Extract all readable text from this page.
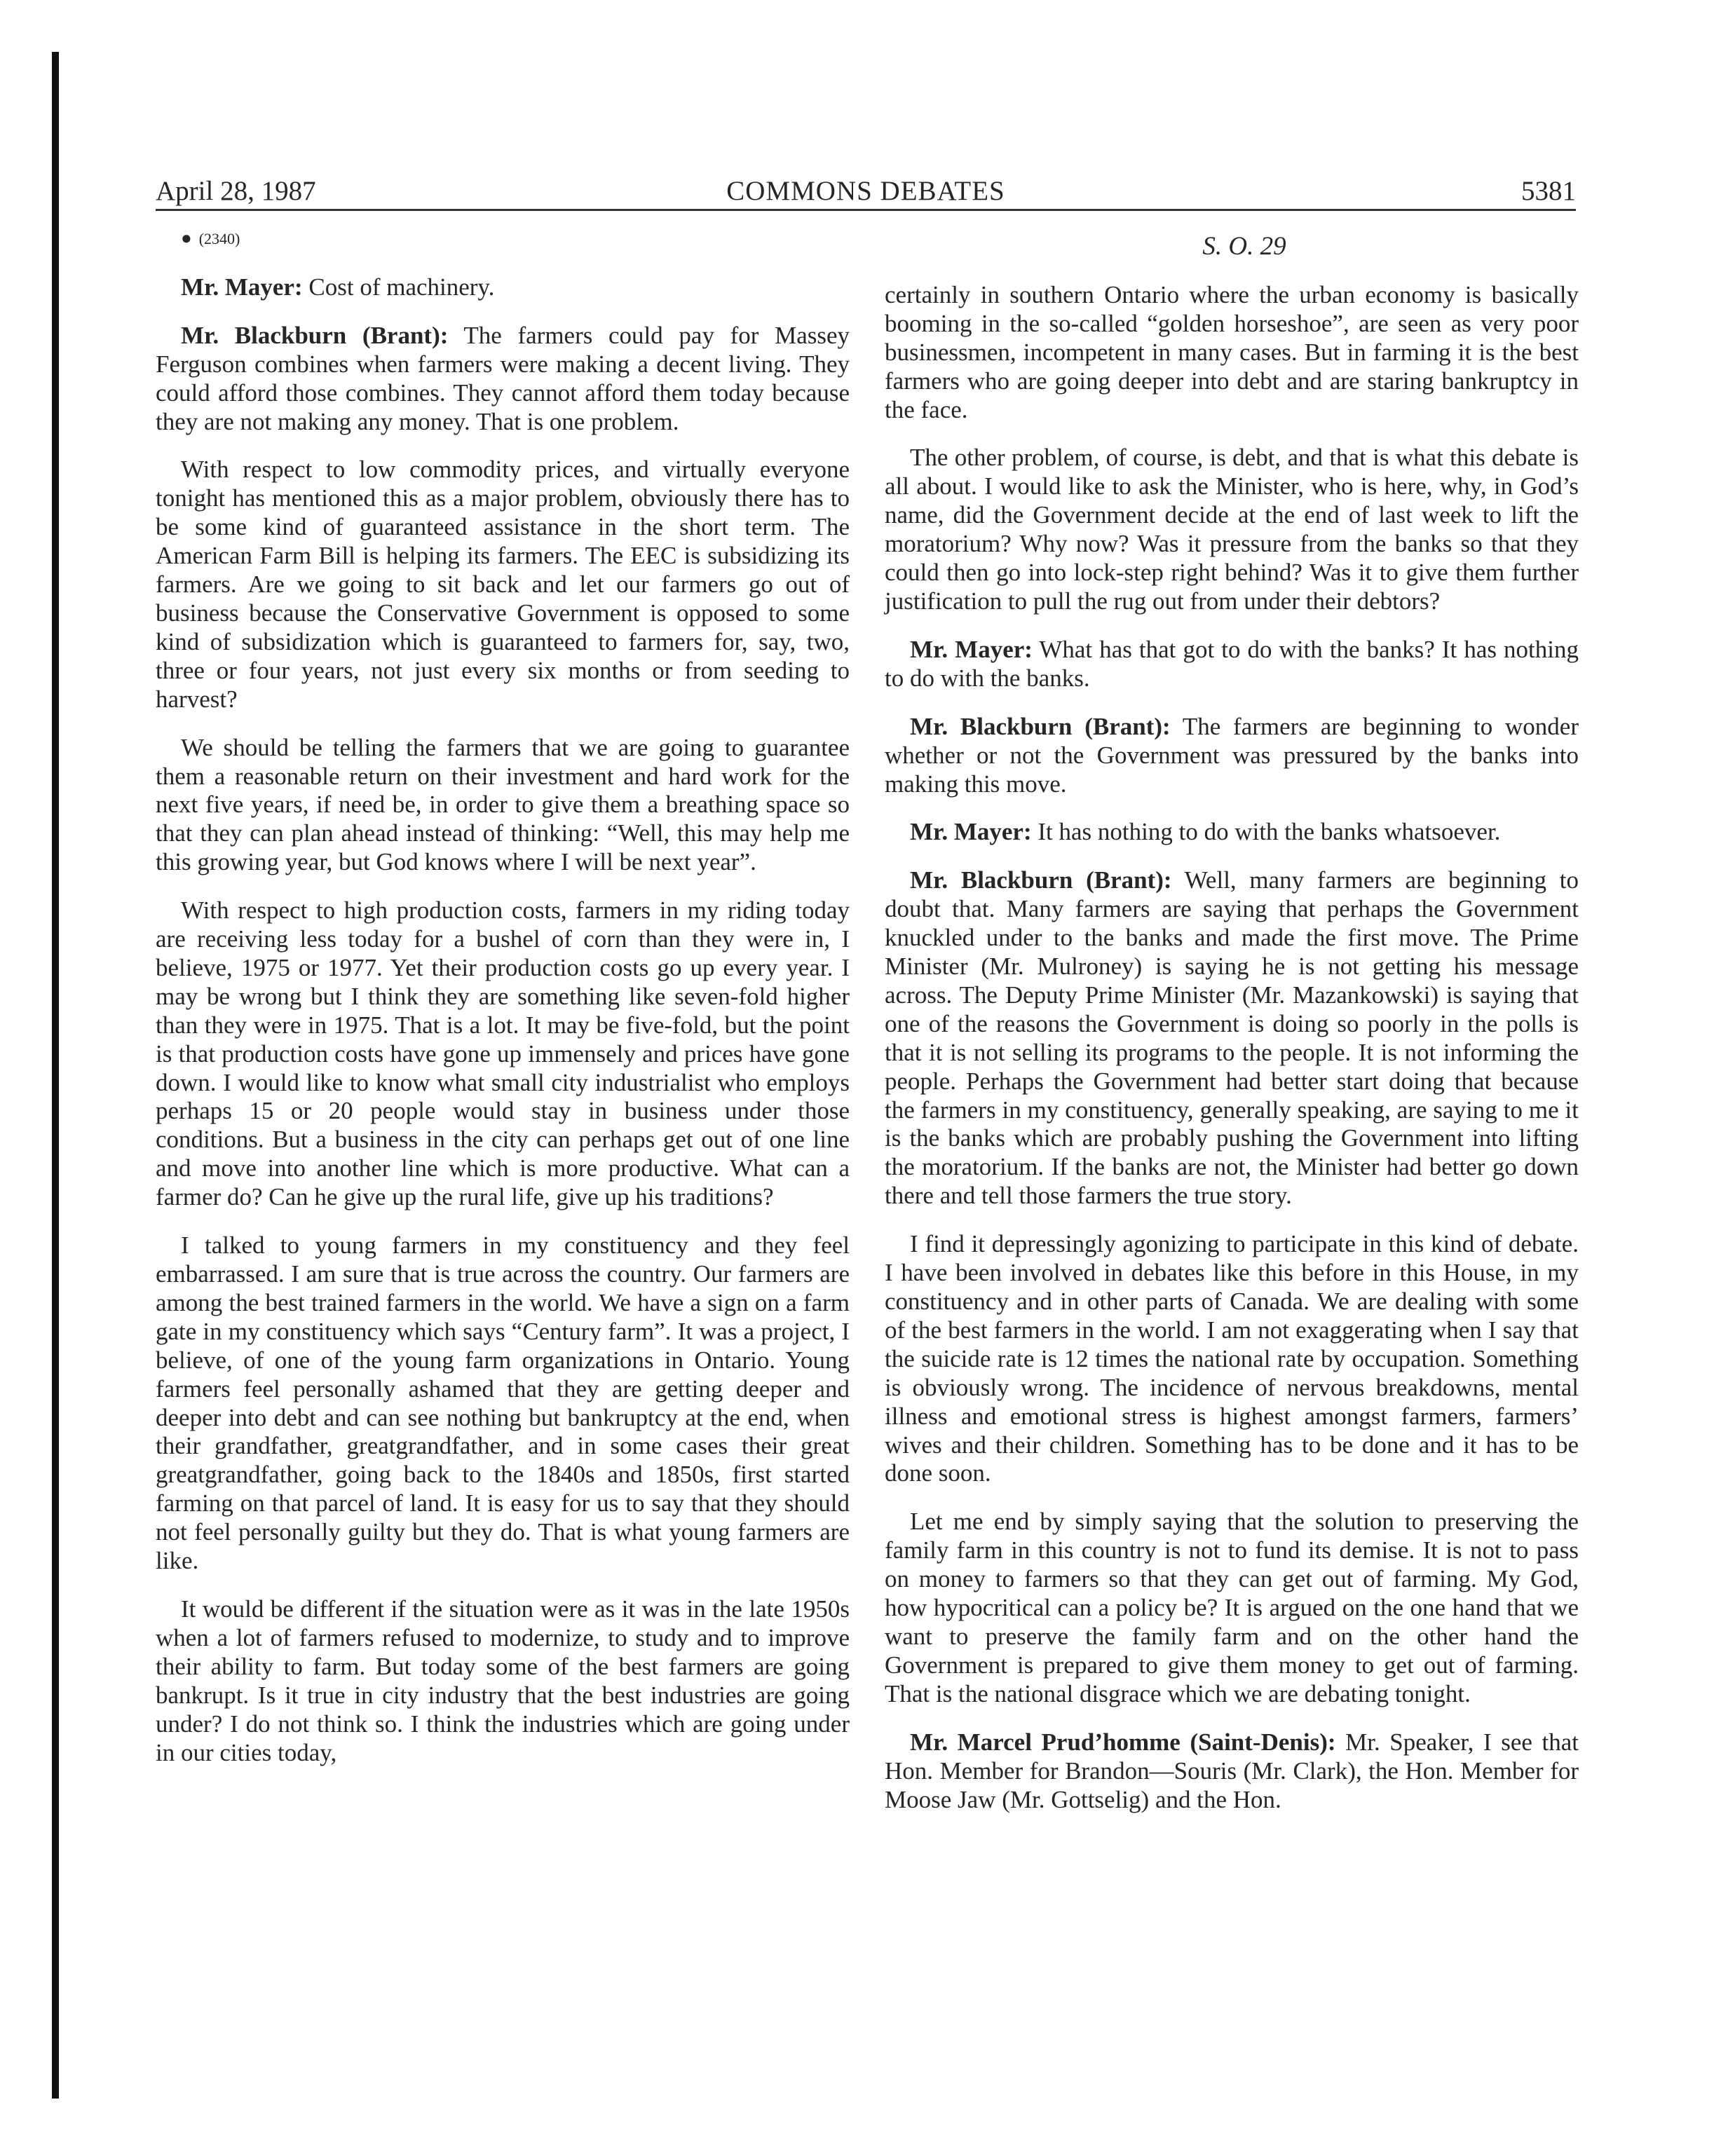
April 28, 1987	COMMONS DEBATES	5381

● (2340)

Mr. Mayer: Cost of machinery.

Mr. Blackburn (Brant): The farmers could pay for Massey Ferguson combines when farmers were making a decent living. They could afford those combines. They cannot afford them today because they are not making any money. That is one problem.

With respect to low commodity prices, and virtually everyone tonight has mentioned this as a major problem, obviously there has to be some kind of guaranteed assistance in the short term. The American Farm Bill is helping its farmers. The EEC is subsidizing its farmers. Are we going to sit back and let our farmers go out of business because the Conservative Government is opposed to some kind of subsidization which is guaranteed to farmers for, say, two, three or four years, not just every six months or from seeding to harvest?

We should be telling the farmers that we are going to guarantee them a reasonable return on their investment and hard work for the next five years, if need be, in order to give them a breathing space so that they can plan ahead instead of thinking: “Well, this may help me this growing year, but God knows where I will be next year”.

With respect to high production costs, farmers in my riding today are receiving less today for a bushel of corn than they were in, I believe, 1975 or 1977. Yet their production costs go up every year. I may be wrong but I think they are something like seven-fold higher than they were in 1975. That is a lot. It may be five-fold, but the point is that production costs have gone up immensely and prices have gone down. I would like to know what small city industrialist who employs perhaps 15 or 20 people would stay in business under those conditions. But a business in the city can perhaps get out of one line and move into another line which is more productive. What can a farmer do? Can he give up the rural life, give up his traditions?

I talked to young farmers in my constituency and they feel embarrassed. I am sure that is true across the country. Our farmers are among the best trained farmers in the world. We have a sign on a farm gate in my constituency which says “Century farm”. It was a project, I believe, of one of the young farm organizations in Ontario. Young farmers feel personally ashamed that they are getting deeper and deeper into debt and can see nothing but bankruptcy at the end, when their grandfather, greatgrandfather, and in some cases their great greatgrandfather, going back to the 1840s and 1850s, first started farming on that parcel of land. It is easy for us to say that they should not feel personally guilty but they do. That is what young farmers are like.

It would be different if the situation were as it was in the late 1950s when a lot of farmers refused to modernize, to study and to improve their ability to farm. But today some of the best farmers are going bankrupt. Is it true in city industry that the best industries are going under? I do not think so. I think the industries which are going under in our cities today,

S. O. 29

certainly in southern Ontario where the urban economy is basically booming in the so-called “golden horseshoe”, are seen as very poor businessmen, incompetent in many cases. But in farming it is the best farmers who are going deeper into debt and are staring bankruptcy in the face.

The other problem, of course, is debt, and that is what this debate is all about. I would like to ask the Minister, who is here, why, in God’s name, did the Government decide at the end of last week to lift the moratorium? Why now? Was it pressure from the banks so that they could then go into lock-step right behind? Was it to give them further justification to pull the rug out from under their debtors?

Mr. Mayer: What has that got to do with the banks? It has nothing to do with the banks.

Mr. Blackburn (Brant): The farmers are beginning to wonder whether or not the Government was pressured by the banks into making this move.

Mr. Mayer: It has nothing to do with the banks whatsoever.

Mr. Blackburn (Brant): Well, many farmers are beginning to doubt that. Many farmers are saying that perhaps the Government knuckled under to the banks and made the first move. The Prime Minister (Mr. Mulroney) is saying he is not getting his message across. The Deputy Prime Minister (Mr. Mazankowski) is saying that one of the reasons the Government is doing so poorly in the polls is that it is not selling its programs to the people. It is not informing the people. Perhaps the Government had better start doing that because the farmers in my constituency, generally speaking, are saying to me it is the banks which are probably pushing the Government into lifting the moratorium. If the banks are not, the Minister had better go down there and tell those farmers the true story.

I find it depressingly agonizing to participate in this kind of debate. I have been involved in debates like this before in this House, in my constituency and in other parts of Canada. We are dealing with some of the best farmers in the world. I am not exaggerating when I say that the suicide rate is 12 times the national rate by occupation. Something is obviously wrong. The incidence of nervous breakdowns, mental illness and emotional stress is highest amongst farmers, farmers’ wives and their children. Something has to be done and it has to be done soon.

Let me end by simply saying that the solution to preserving the family farm in this country is not to fund its demise. It is not to pass on money to farmers so that they can get out of farming. My God, how hypocritical can a policy be? It is argued on the one hand that we want to preserve the family farm and on the other hand the Government is prepared to give them money to get out of farming. That is the national disgrace which we are debating tonight.

Mr. Marcel Prud’homme (Saint-Denis): Mr. Speaker, I see that Hon. Member for Brandon—Souris (Mr. Clark), the Hon. Member for Moose Jaw (Mr. Gottselig) and the Hon.
